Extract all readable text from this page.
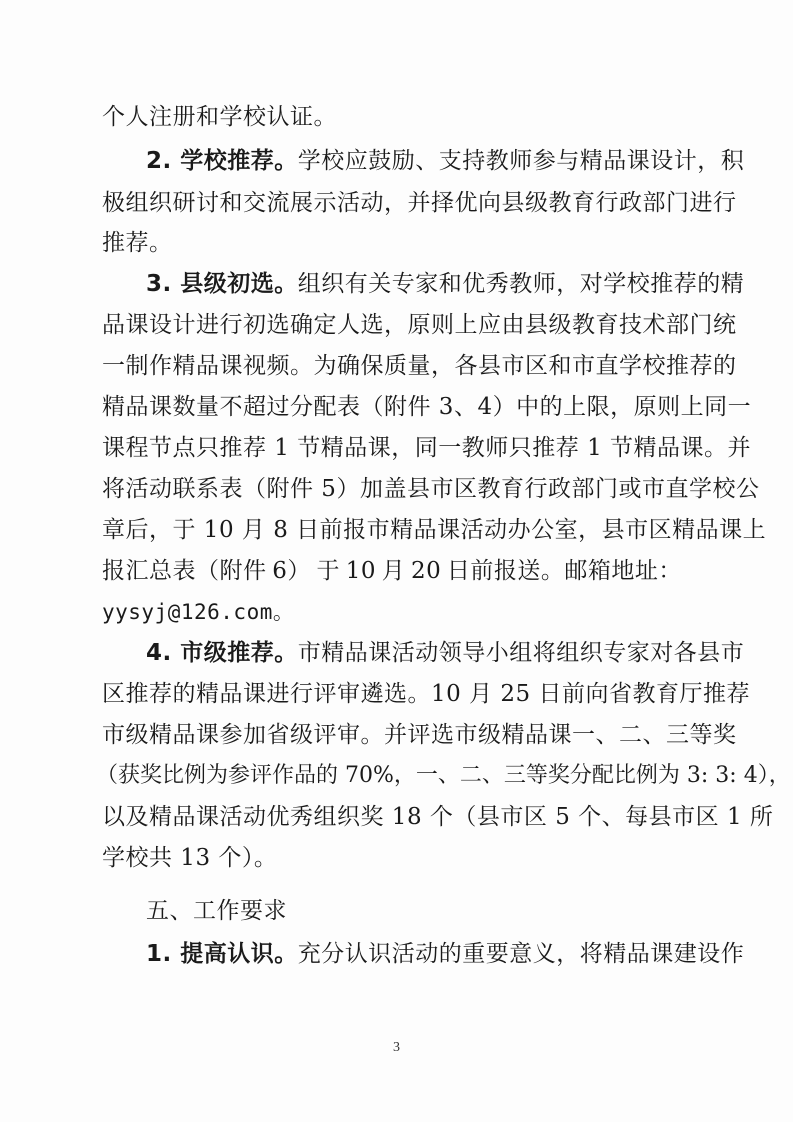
个人注册和学校认证。
2. 学校推荐。学校应鼓励、支持教师参与精品课设计，积
极组织研讨和交流展示活动，并择优向县级教育行政部门进行
推荐。
3. 县级初选。组织有关专家和优秀教师，对学校推荐的精
品课设计进行初选确定人选，原则上应由县级教育技术部门统
一制作精品课视频。为确保质量，各县市区和市直学校推荐的
精品课数量不超过分配表（附件 3、4）中的上限，原则上同一
课程节点只推荐 1 节精品课，同一教师只推荐 1 节精品课。并
将活动联系表（附件 5）加盖县市区教育行政部门或市直学校公
章后，于 10 月 8 日前报市精品课活动办公室，县市区精品课上
报汇总表（附件 6） 于 10 月 20 日前报送。邮箱地址：
yysyj@126.com。
4. 市级推荐。市精品课活动领导小组将组织专家对各县市
区推荐的精品课进行评审遴选。10 月 25 日前向省教育厅推荐
市级精品课参加省级评审。并评选市级精品课一、二、三等奖
（获奖比例为参评作品的 70%，一、二、三等奖分配比例为 3: 3: 4），
以及精品课活动优秀组织奖 18 个（县市区 5 个、每县市区 1 所
学校共 13 个）。
五、工作要求
1. 提高认识。充分认识活动的重要意义，将精品课建设作
3
